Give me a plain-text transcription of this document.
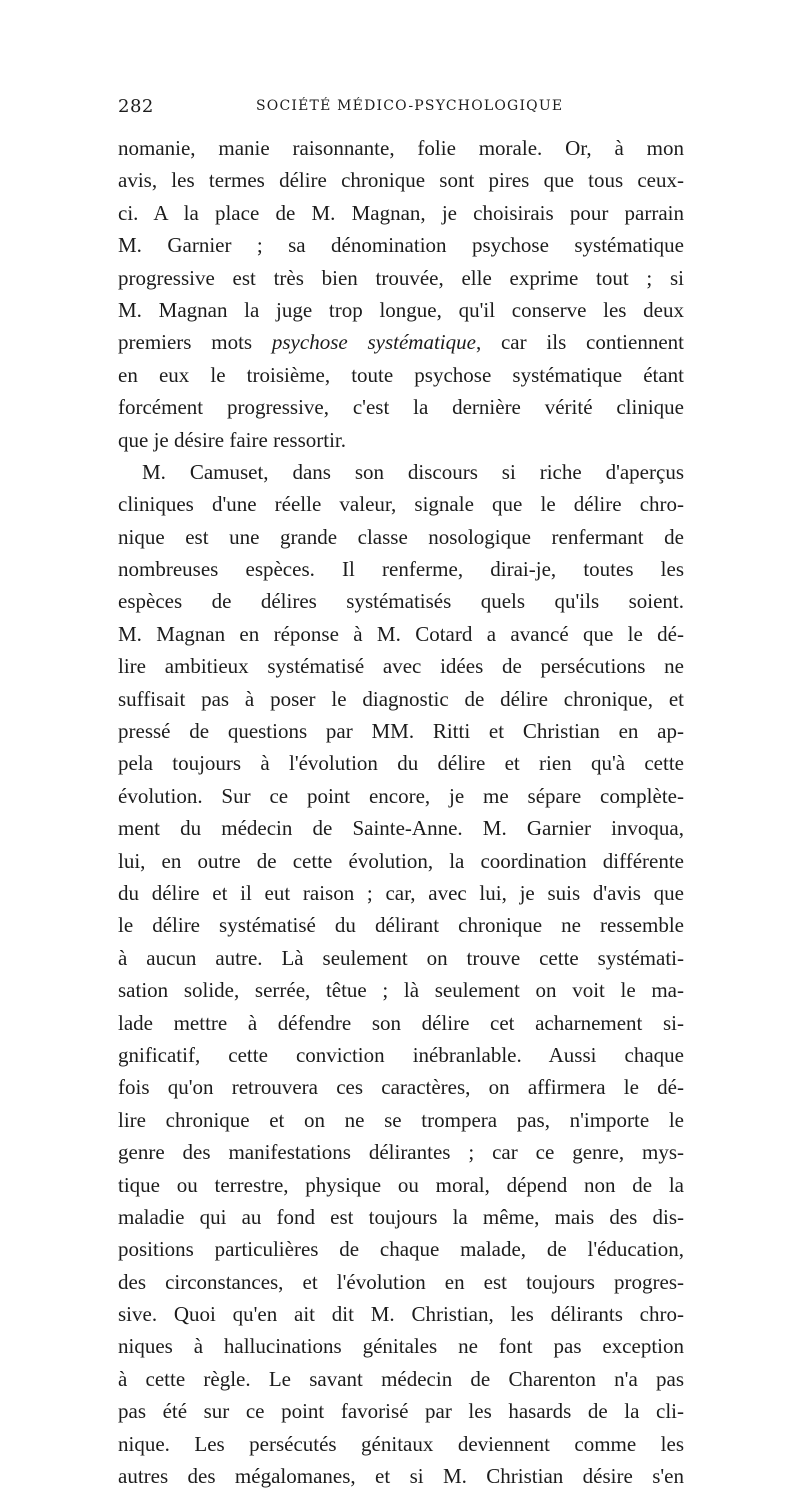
282	SOCIÉTÉ MÉDICO-PSYCHOLOGIQUE
nomanie, manie raisonnante, folie morale. Or, à mon
avis, les termes délire chronique sont pires que tous ceux-
ci. A la place de M. Magnan, je choisirais pour parrain
M. Garnier ; sa dénomination psychose systématique
progressive est très bien trouvée, elle exprime tout ; si
M. Magnan la juge trop longue, qu'il conserve les deux
premiers mots psychose systématique, car ils contiennent
en eux le troisième, toute psychose systématique étant
forcément progressive, c'est la dernière vérité clinique
que je désire faire ressortir.
M. Camuset, dans son discours si riche d'aperçus
cliniques d'une réelle valeur, signale que le délire chro-
nique est une grande classe nosologique renfermant de
nombreuses espèces. Il renferme, dirai-je, toutes les
espèces de délires systématisés quels qu'ils soient.
M. Magnan en réponse à M. Cotard a avancé que le dé-
lire ambitieux systématisé avec idées de persécutions ne
suffisait pas à poser le diagnostic de délire chronique, et
pressé de questions par MM. Ritti et Christian en ap-
pela toujours à l'évolution du délire et rien qu'à cette
évolution. Sur ce point encore, je me sépare complète-
ment du médecin de Sainte-Anne. M. Garnier invoqua,
lui, en outre de cette évolution, la coordination différente
du délire et il eut raison ; car, avec lui, je suis d'avis que
le délire systématisé du délirant chronique ne ressemble
à aucun autre. Là seulement on trouve cette systémati-
sation solide, serrée, têtue ; là seulement on voit le ma-
lade mettre à défendre son délire cet acharnement si-
gnificatif, cette conviction inébranlable. Aussi chaque
fois qu'on retrouvera ces caractères, on affirmera le dé-
lire chronique et on ne se trompera pas, n'importe le
genre des manifestations délirantes ; car ce genre, mys-
tique ou terrestre, physique ou moral, dépend non de la
maladie qui au fond est toujours la même, mais des dis-
positions particulières de chaque malade, de l'éducation,
des circonstances, et l'évolution en est toujours progres-
sive. Quoi qu'en ait dit M. Christian, les délirants chro-
niques à hallucinations génitales ne font pas exception
à cette règle. Le savant médecin de Charenton n'a pas
pas été sur ce point favorisé par les hasards de la cli-
nique. Les persécutés génitaux deviennent comme les
autres des mégalomanes, et si M. Christian désire s'en
